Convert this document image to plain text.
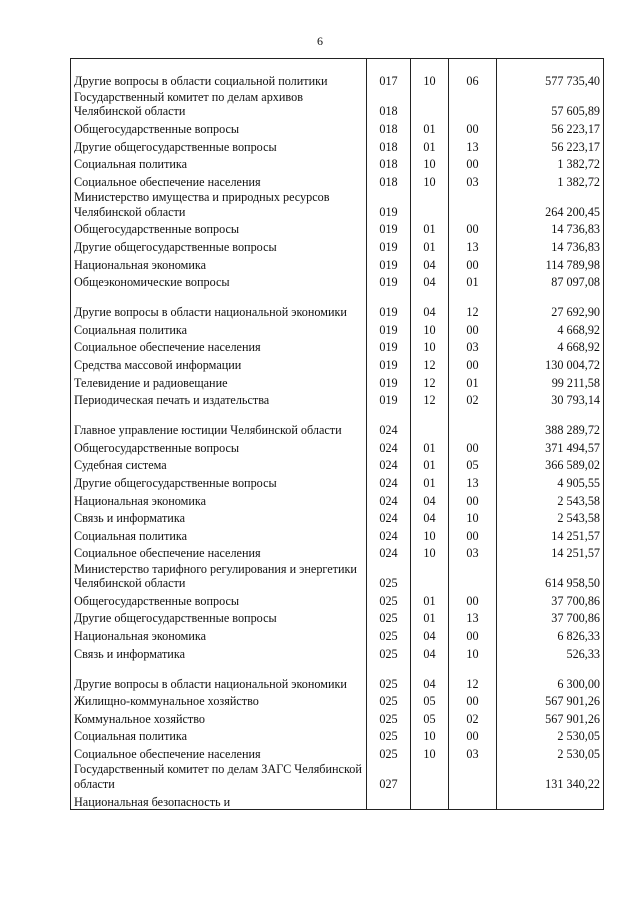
6
Другие вопросы в области социальной политики	017	10	06	577 735,40
Государственный комитет по делам архивов Челябинской области	018			57 605,89
Общегосударственные вопросы	018	01	00	56 223,17
Другие общегосударственные вопросы	018	01	13	56 223,17
Социальная политика	018	10	00	1 382,72
Социальное обеспечение населения	018	10	03	1 382,72
Министерство имущества и природных ресурсов Челябинской области	019			264 200,45
Общегосударственные вопросы	019	01	00	14 736,83
Другие общегосударственные вопросы	019	01	13	14 736,83
Национальная экономика	019	04	00	114 789,98
Общеэкономические вопросы	019	04	01	87 097,08
Другие вопросы в области национальной экономики	019	04	12	27 692,90
Социальная политика	019	10	00	4 668,92
Социальное обеспечение населения	019	10	03	4 668,92
Средства массовой информации	019	12	00	130 004,72
Телевидение и радиовещание	019	12	01	99 211,58
Периодическая печать и издательства	019	12	02	30 793,14
Главное управление юстиции Челябинской области	024			388 289,72
Общегосударственные вопросы	024	01	00	371 494,57
Судебная система	024	01	05	366 589,02
Другие общегосударственные вопросы	024	01	13	4 905,55
Национальная экономика	024	04	00	2 543,58
Связь и информатика	024	04	10	2 543,58
Социальная политика	024	10	00	14 251,57
Социальное обеспечение населения	024	10	03	14 251,57
Министерство тарифного регулирования и энергетики Челябинской области	025			614 958,50
Общегосударственные вопросы	025	01	00	37 700,86
Другие общегосударственные вопросы	025	01	13	37 700,86
Национальная экономика	025	04	00	6 826,33
Связь и информатика	025	04	10	526,33
Другие вопросы в области национальной экономики	025	04	12	6 300,00
Жилищно-коммунальное хозяйство	025	05	00	567 901,26
Коммунальное хозяйство	025	05	02	567 901,26
Социальная политика	025	10	00	2 530,05
Социальное обеспечение населения	025	10	03	2 530,05
Государственный комитет по делам ЗАГС Челябинской области	027			131 340,22
Национальная безопасность и				
